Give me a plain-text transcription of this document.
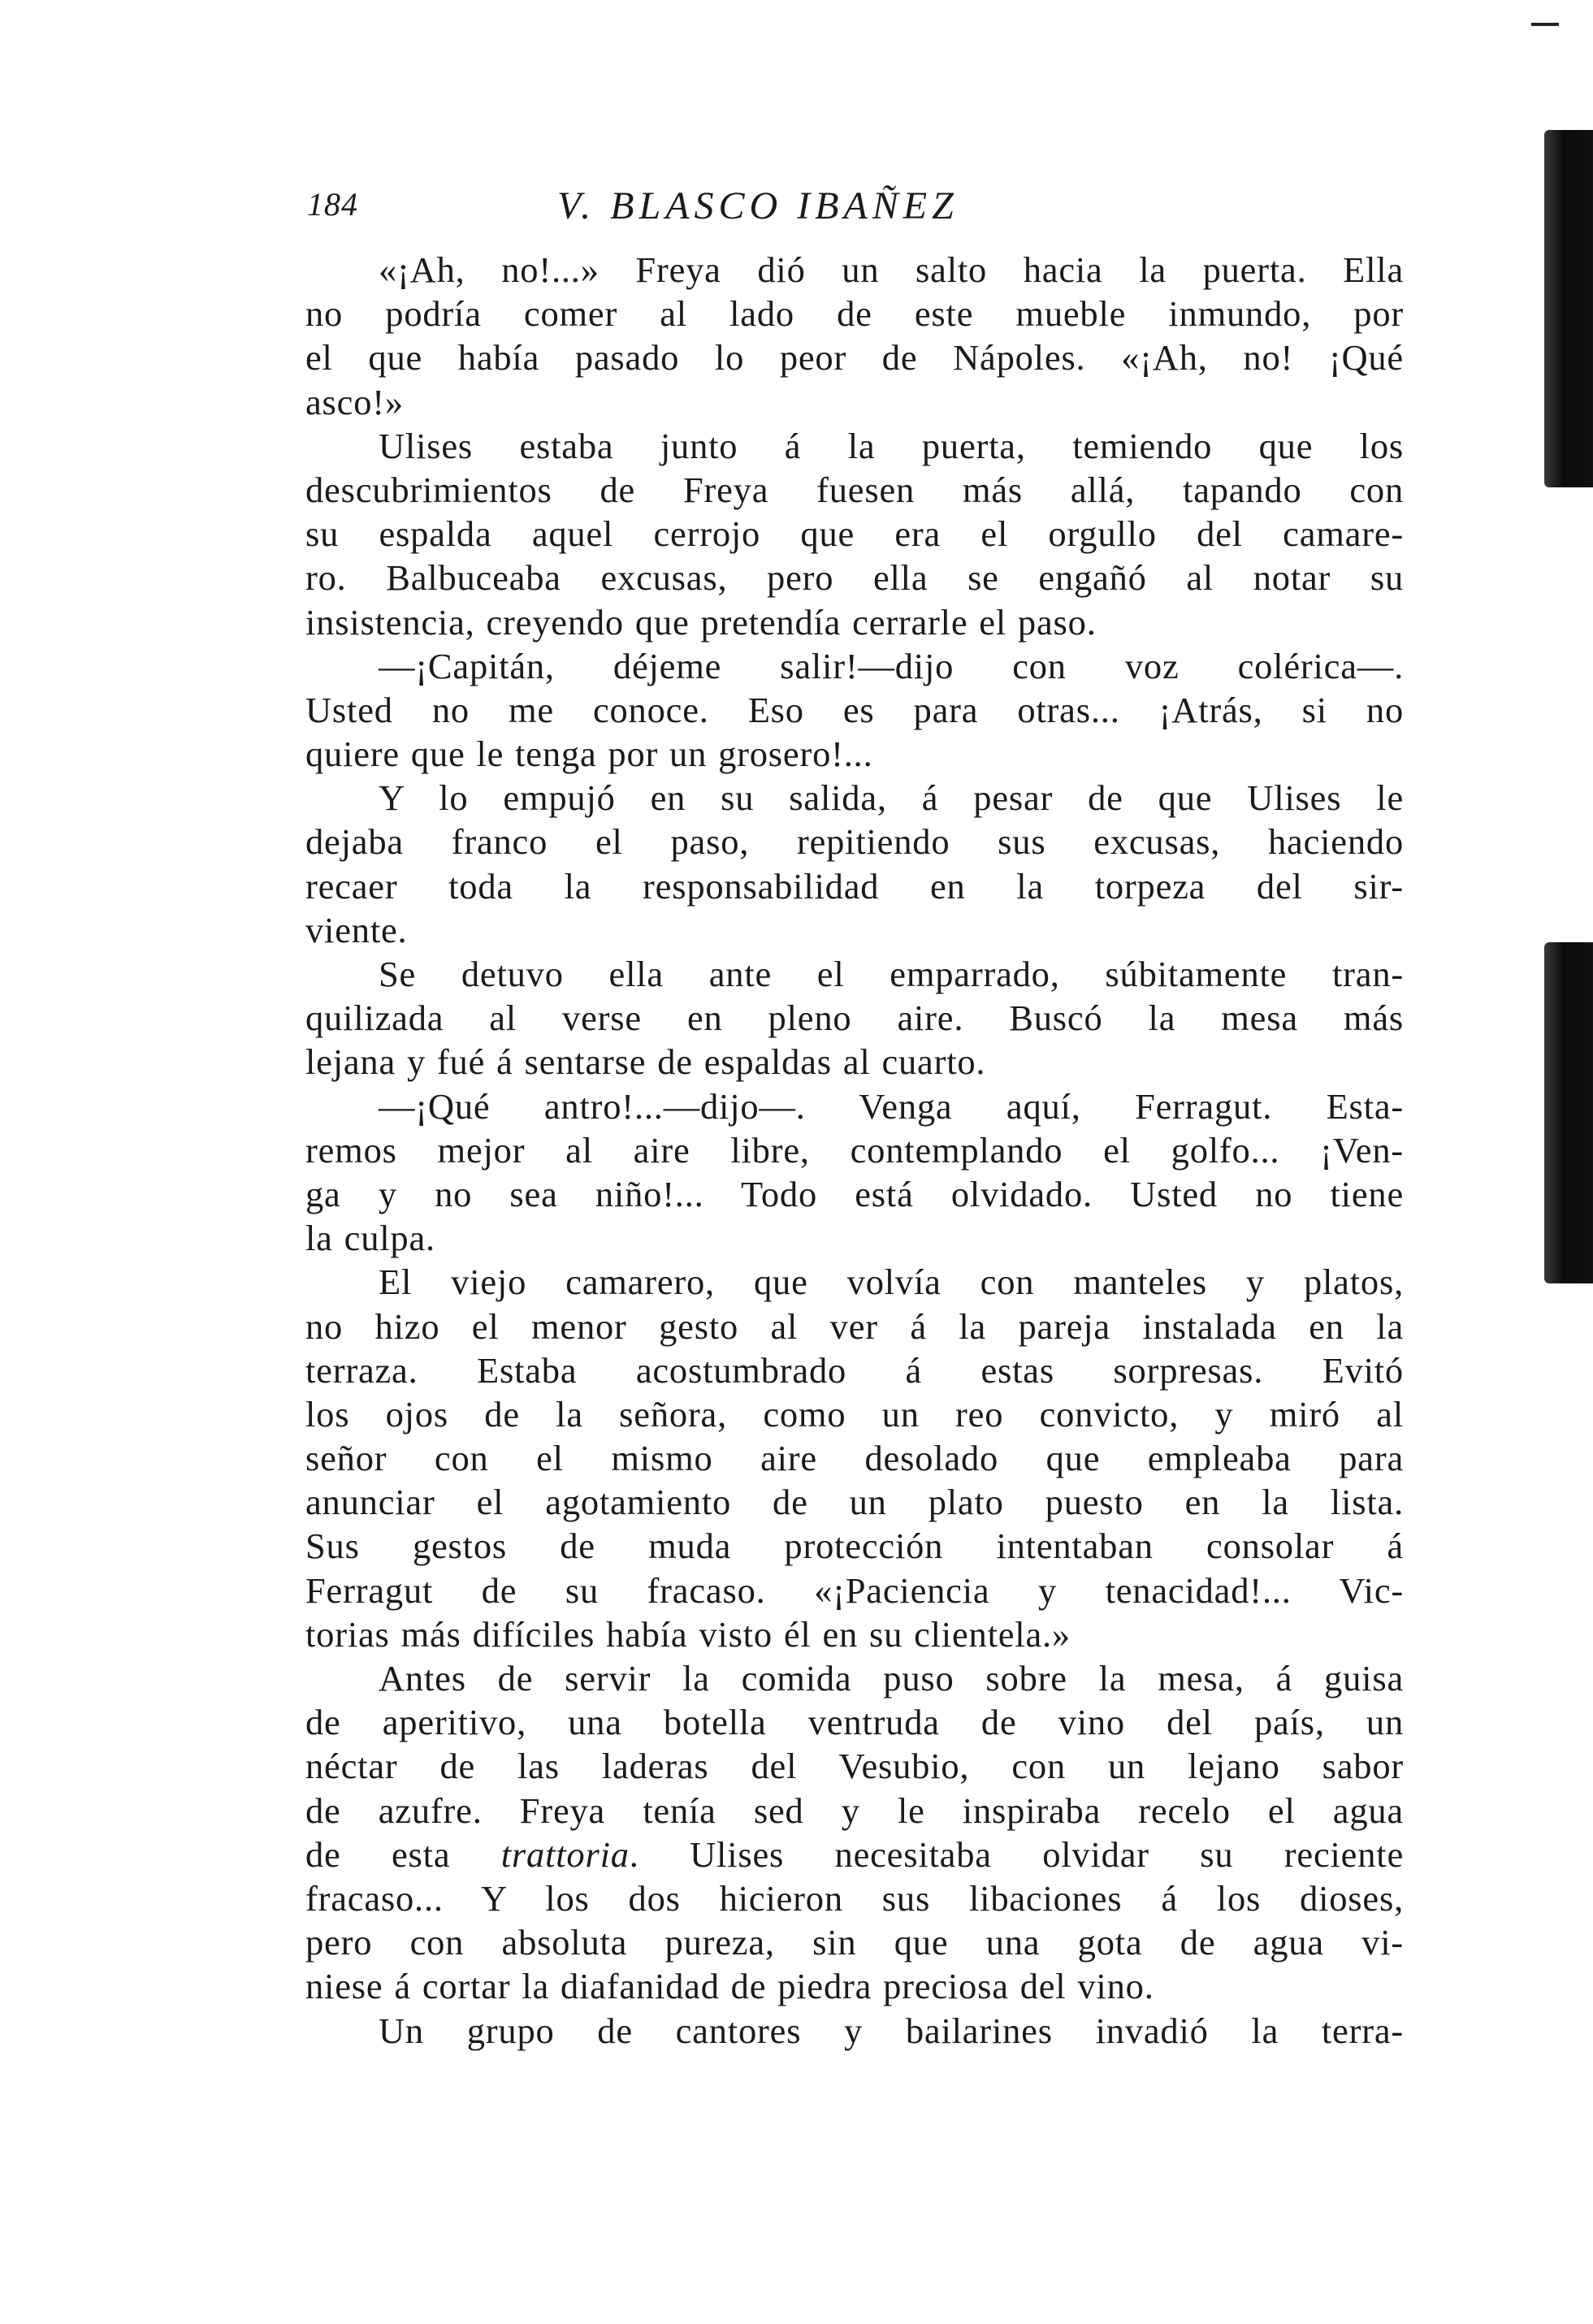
184	V. BLASCO IBAÑEZ
«¡Ah, no!...» Freya dió un salto hacia la puerta. Ella
no podría comer al lado de este mueble inmundo, por
el que había pasado lo peor de Nápoles. «¡Ah, no! ¡Qué
asco!»
Ulises estaba junto á la puerta, temiendo que los
descubrimientos de Freya fuesen más allá, tapando con
su espalda aquel cerrojo que era el orgullo del camare-
ro. Balbuceaba excusas, pero ella se engañó al notar su
insistencia, creyendo que pretendía cerrarle el paso.
—¡Capitán, déjeme salir!—dijo con voz colérica—.
Usted no me conoce. Eso es para otras... ¡Atrás, si no
quiere que le tenga por un grosero!...
Y lo empujó en su salida, á pesar de que Ulises le
dejaba franco el paso, repitiendo sus excusas, haciendo
recaer toda la responsabilidad en la torpeza del sir-
viente.
Se detuvo ella ante el emparrado, súbitamente tran-
quilizada al verse en pleno aire. Buscó la mesa más
lejana y fué á sentarse de espaldas al cuarto.
—¡Qué antro!...—dijo—. Venga aquí, Ferragut. Esta-
remos mejor al aire libre, contemplando el golfo... ¡Ven-
ga y no sea niño!... Todo está olvidado. Usted no tiene
la culpa.
El viejo camarero, que volvía con manteles y platos,
no hizo el menor gesto al ver á la pareja instalada en la
terraza. Estaba acostumbrado á estas sorpresas. Evitó
los ojos de la señora, como un reo convicto, y miró al
señor con el mismo aire desolado que empleaba para
anunciar el agotamiento de un plato puesto en la lista.
Sus gestos de muda protección intentaban consolar á
Ferragut de su fracaso. «¡Paciencia y tenacidad!... Vic-
torias más difíciles había visto él en su clientela.»
Antes de servir la comida puso sobre la mesa, á guisa
de aperitivo, una botella ventruda de vino del país, un
néctar de las laderas del Vesubio, con un lejano sabor
de azufre. Freya tenía sed y le inspiraba recelo el agua
de esta trattoria. Ulises necesitaba olvidar su reciente
fracaso... Y los dos hicieron sus libaciones á los dioses,
pero con absoluta pureza, sin que una gota de agua vi-
niese á cortar la diafanidad de piedra preciosa del vino.
Un grupo de cantores y bailarines invadió la terra-
